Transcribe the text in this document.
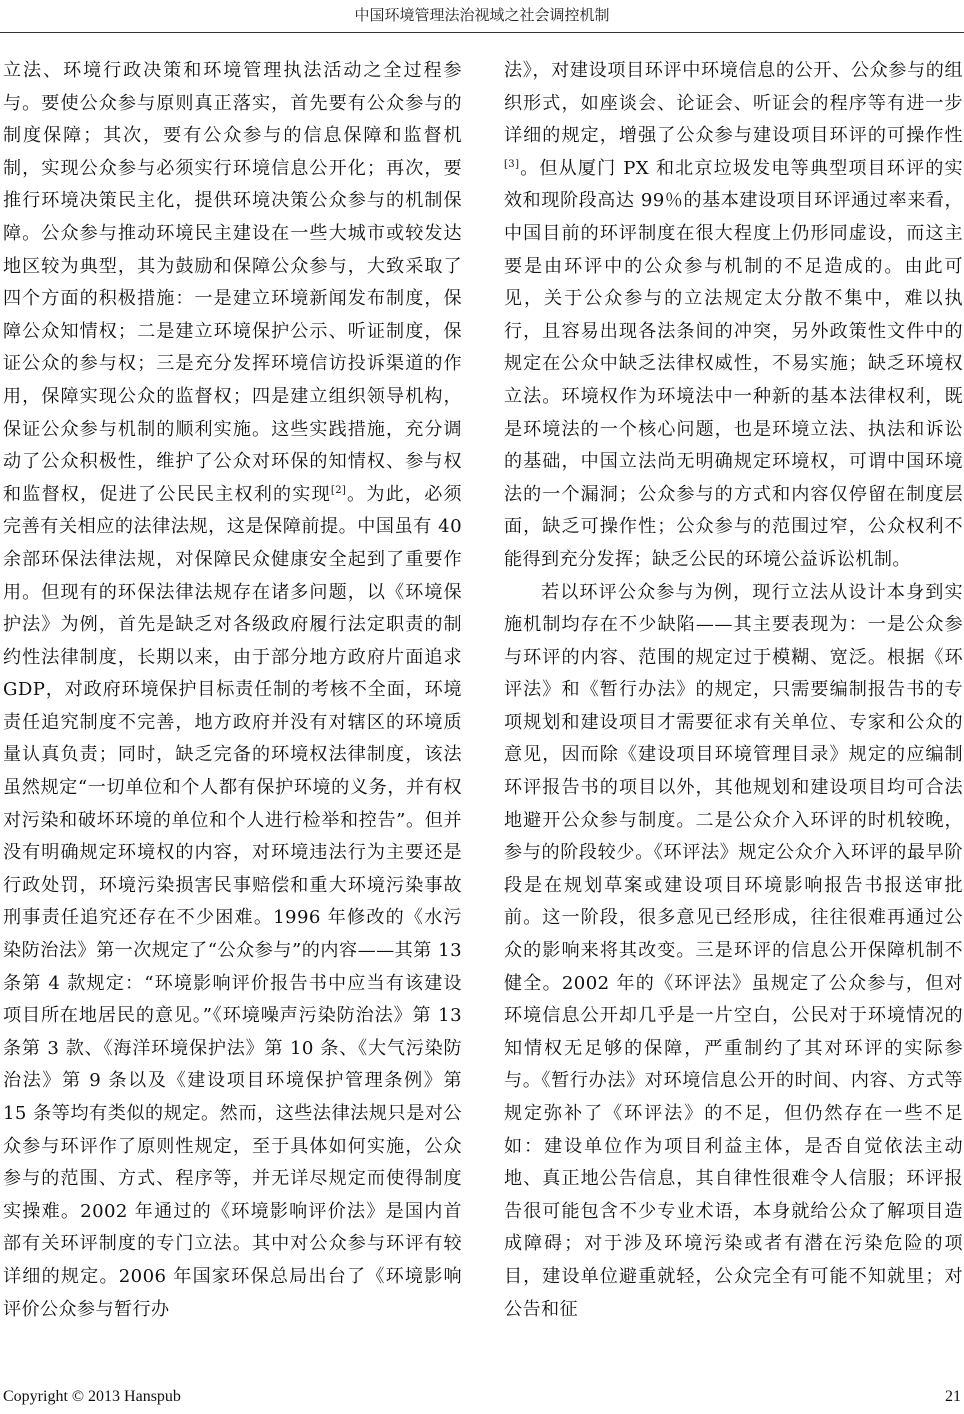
中国环境管理法治视域之社会调控机制

立法、环境行政决策和环境管理执法活动之全过程参与。要使公众参与原则真正落实，首先要有公众参与的制度保障；其次，要有公众参与的信息保障和监督机制，实现公众参与必须实行环境信息公开化；再次，要推行环境决策民主化，提供环境决策公众参与的机制保障。公众参与推动环境民主建设在一些大城市或较发达地区较为典型，其为鼓励和保障公众参与，大致采取了四个方面的积极措施：一是建立环境新闻发布制度，保障公众知情权；二是建立环境保护公示、听证制度，保证公众的参与权；三是充分发挥环境信访投诉渠道的作用，保障实现公众的监督权；四是建立组织领导机构，保证公众参与机制的顺利实施。这些实践措施，充分调动了公众积极性，维护了公众对环保的知情权、参与权和监督权，促进了公民民主权利的实现[2]。为此，必须完善有关相应的法律法规，这是保障前提。中国虽有 40 余部环保法律法规，对保障民众健康安全起到了重要作用。但现有的环保法律法规存在诸多问题，以《环境保护法》为例，首先是缺乏对各级政府履行法定职责的制约性法律制度，长期以来，由于部分地方政府片面追求 GDP，对政府环境保护目标责任制的考核不全面，环境责任追究制度不完善，地方政府并没有对辖区的环境质量认真负责；同时，缺乏完备的环境权法律制度，该法虽然规定“一切单位和个人都有保护环境的义务，并有权对污染和破坏环境的单位和个人进行检举和控告”。但并没有明确规定环境权的内容，对环境违法行为主要还是行政处罚，环境污染损害民事赔偿和重大环境污染事故刑事责任追究还存在不少困难。1996 年修改的《水污染防治法》第一次规定了“公众参与”的内容——其第 13 条第 4 款规定：“环境影响评价报告书中应当有该建设项目所在地居民的意见。”《环境噪声污染防治法》第 13 条第 3 款、《海洋环境保护法》第 10 条、《大气污染防治法》第 9 条以及《建设项目环境保护管理条例》第 15 条等均有类似的规定。然而，这些法律法规只是对公众参与环评作了原则性规定，至于具体如何实施，公众参与的范围、方式、程序等，并无详尽规定而使得制度实操难。2002 年通过的《环境影响评价法》是国内首部有关环评制度的专门立法。其中对公众参与环评有较详细的规定。2006 年国家环保总局出台了《环境影响评价公众参与暂行办

法》，对建设项目环评中环境信息的公开、公众参与的组织形式，如座谈会、论证会、听证会的程序等有进一步详细的规定，增强了公众参与建设项目环评的可操作性[3]。但从厦门 PX 和北京垃圾发电等典型项目环评的实效和现阶段高达 99％的基本建设项目环评通过率来看，中国目前的环评制度在很大程度上仍形同虚设，而这主要是由环评中的公众参与机制的不足造成的。由此可见，关于公众参与的立法规定太分散不集中，难以执行，且容易出现各法条间的冲突，另外政策性文件中的规定在公众中缺乏法律权威性，不易实施；缺乏环境权立法。环境权作为环境法中一种新的基本法律权利，既是环境法的一个核心问题，也是环境立法、执法和诉讼的基础，中国立法尚无明确规定环境权，可谓中国环境法的一个漏洞；公众参与的方式和内容仅停留在制度层面，缺乏可操作性；公众参与的范围过窄，公众权利不能得到充分发挥；缺乏公民的环境公益诉讼机制。

若以环评公众参与为例，现行立法从设计本身到实施机制均存在不少缺陷——其主要表现为：一是公众参与环评的内容、范围的规定过于模糊、宽泛。根据《环评法》和《暂行办法》的规定，只需要编制报告书的专项规划和建设项目才需要征求有关单位、专家和公众的意见，因而除《建设项目环境管理目录》规定的应编制环评报告书的项目以外，其他规划和建设项目均可合法地避开公众参与制度。二是公众介入环评的时机较晚，参与的阶段较少。《环评法》规定公众介入环评的最早阶段是在规划草案或建设项目环境影响报告书报送审批前。这一阶段，很多意见已经形成，往往很难再通过公众的影响来将其改变。三是环评的信息公开保障机制不健全。2002 年的《环评法》虽规定了公众参与，但对环境信息公开却几乎是一片空白，公民对于环境情况的知情权无足够的保障，严重制约了其对环评的实际参与。《暂行办法》对环境信息公开的时间、内容、方式等规定弥补了《环评法》的不足，但仍然存在一些不足如：建设单位作为项目利益主体，是否自觉依法主动地、真正地公告信息，其自律性很难令人信服；环评报告很可能包含不少专业术语，本身就给公众了解项目造成障碍；对于涉及环境污染或者有潜在污染危险的项目，建设单位避重就轻，公众完全有可能不知就里；对公告和征

Copyright © 2013 Hanspub	21
